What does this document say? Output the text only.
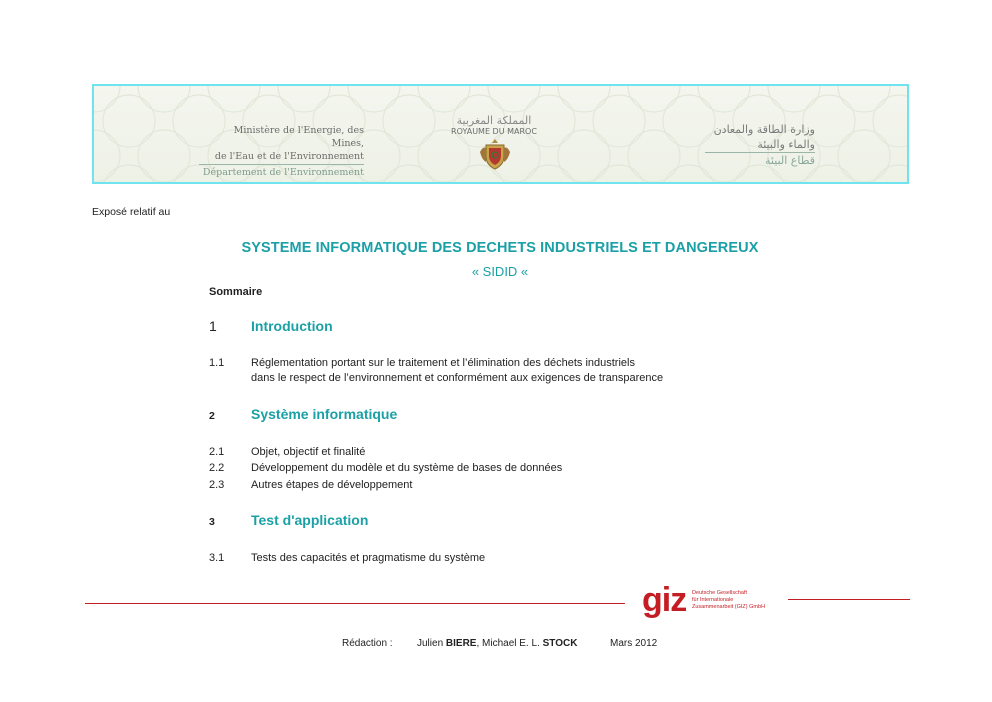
Ministère de l'Energie, des Mines,
de l'Eau et de l'Environnement
Département de l'Environnement
المملكة المغربية
ROYAUME DU MAROC	وزارة الطاقة والمعادن
والماء والبيئة
قطاع البيئة
Exposé relatif au
SYSTEME INFORMATIQUE DES DECHETS INDUSTRIELS ET DANGEREUX
« SIDID «
Sommaire
1 Introduction
1.1 Réglementation portant sur le traitement et l’élimination des déchets industriels
dans le respect de l’environnement et conformément aux exigences de transparence
2	Système informatique
2.1 Objet, objectif et finalité
2.2 Développement du modèle et du système de bases de données
2.3 Autres étapes de développement
3	Test d'application
3.1 Tests des capacités et pragmatisme du système
giz Deutsche Gesellschaft
für Internationale
Zusammenarbeit (GIZ) GmbH
Rédaction : Julien BIERE, Michael E. L. STOCK	Mars 2012
